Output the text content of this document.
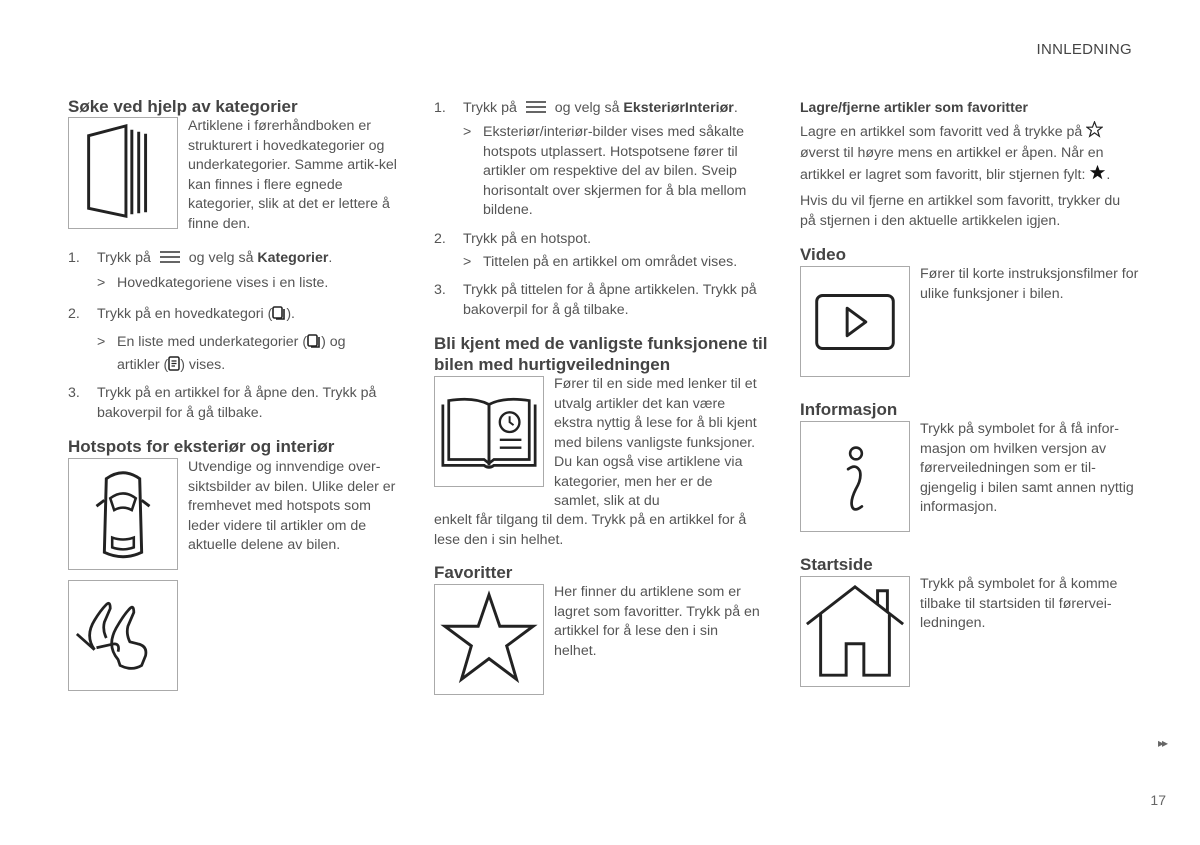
INNLEDNING
▸▸
17
Søke ved hjelp av kategorier
Artiklene i førerhåndboken er strukturert i hovedkategorier og underkategorier. Samme artik-kel kan finnes i flere egnede kategorier, slik at det er lettere å finne den.
1. Trykk på	og velg så Kategorier.
> Hovedkategoriene vises i en liste.
2. Trykk på en hovedkategori ( ).
> En liste med underkategorier ( ) og
artikler ( ) vises.
3. Trykk på en artikkel for å åpne den. Trykk på bakoverpil for å gå tilbake.
Hotspots for eksteriør og interiør
Utvendige og innvendige over-siktsbilder av bilen. Ulike deler er fremhevet med hotspots som leder videre til artikler om de aktuelle delene av bilen.
1. Trykk på	og velg så EksteriørInteriør.
> Eksteriør/interiør-bilder vises med såkalte hotspots utplassert. Hotspotsene fører til artikler om respektive del av bilen. Sveip horisontalt over skjermen for å bla mellom bildene.
2. Trykk på en hotspot.
> Tittelen på en artikkel om området vises.
3. Trykk på tittelen for å åpne artikkelen. Trykk på bakoverpil for å gå tilbake.
Bli kjent med de vanligste funksjonene til bilen med hurtigveiledningen
Fører til en side med lenker til et utvalg artikler det kan være ekstra nyttig å lese for å bli kjent med bilens vanligste funksjoner. Du kan også vise artiklene via kategorier, men her er de samlet, slik at du
enkelt får tilgang til dem. Trykk på en artikkel for å lese den i sin helhet.
Favoritter
Her finner du artiklene som er lagret som favoritter. Trykk på en artikkel for å lese den i sin helhet.
Lagre/fjerne artikler som favoritter
Lagre en artikkel som favoritt ved å trykke på  øverst til høyre mens en artikkel er åpen. Når en artikkel er lagret som favoritt, blir stjernen fylt: .
Hvis du vil fjerne en artikkel som favoritt, trykker du på stjernen i den aktuelle artikkelen igjen.
Video
Fører til korte instruksjonsfilmer for ulike funksjoner i bilen.
Informasjon
Trykk på symbolet for å få infor-masjon om hvilken versjon av førerveiledningen som er til-gjengelig i bilen samt annen nyttig informasjon.
Startside
Trykk på symbolet for å komme tilbake til startsiden til førervei-ledningen.
